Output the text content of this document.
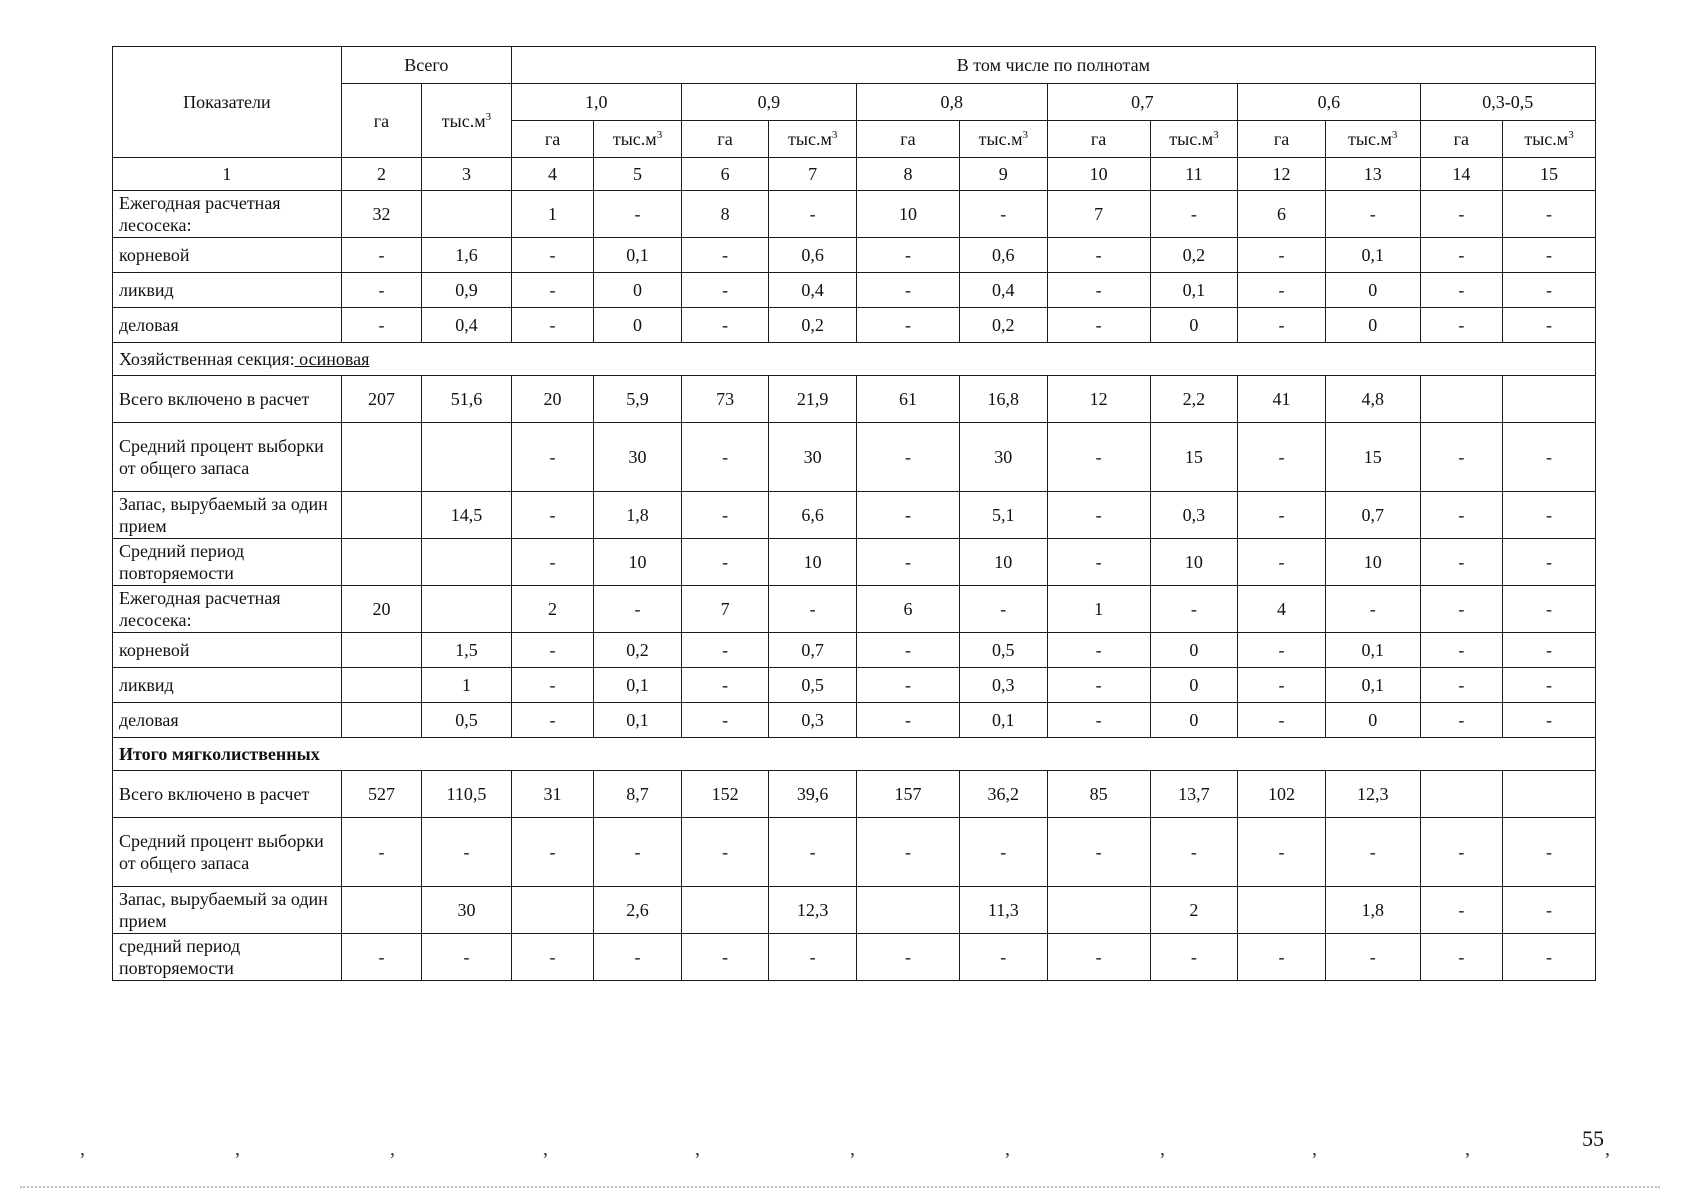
Показатели	Всего		В том числе по полнотам											
	га	$тыс.м^3$	1,0		0,9		0,8		0,7		0,6		0,3-0,5	
			га	$тыс.м^3$	га	$тыс.м^3$	га	$тыс.м^3$	га	$тыс.м^3$	га	$тыс.м^3$	га	$тыс.м^3$
1	2	3	4	5	6	7	8	9	10	11	12	13	14	15
Ежегодная расчетная лесосека:	32		1	-	8	-	10	-	7	-	6	-	-	-
корневой	-	1,6	-	0,1	-	0,6	-	0,6	-	0,2	-	0,1	-	-
ликвид	-	0,9	-	0	-	0,4	-	0,4	-	0,1	-	0	-	-
деловая	-	0,4	-	0	-	0,2	-	0,2	-	0	-	0	-	-
Хозяйственная секция: осиновая														
Всего включено в расчет	207	51,6	20	5,9	73	21,9	61	16,8	12	2,2	41	4,8		
Средний процент выборки от общего запаса			-	30	-	30	-	30	-	15	-	15	-	-
Запас, вырубаемый за один прием		14,5	-	1,8	-	6,6	-	5,1	-	0,3	-	0,7	-	-
Средний период повторяемости			-	10	-	10	-	10	-	10	-	10	-	-
Ежегодная расчетная лесосека:	20		2	-	7	-	6	-	1	-	4	-	-	-
корневой		1,5	-	0,2	-	0,7	-	0,5	-	0	-	0,1	-	-
ликвид		1	-	0,1	-	0,5	-	0,3	-	0	-	0,1	-	-
деловая		0,5	-	0,1	-	0,3	-	0,1	-	0	-	0	-	-
Итого мягколиственных														
Всего включено в расчет	527	110,5	31	8,7	152	39,6	157	36,2	85	13,7	102	12,3		
Средний процент выборки от общего запаса	-	-	-	-	-	-	-	-	-	-	-	-	-	-
Запас, вырубаемый за один прием		30		2,6		12,3		11,3		2		1,8	-	-
средний период повторяемости	-	-	-	-	-	-	-	-	-	-	-	-	-	-
55
,	,	,	,	,	,	,	,	,	,	,
